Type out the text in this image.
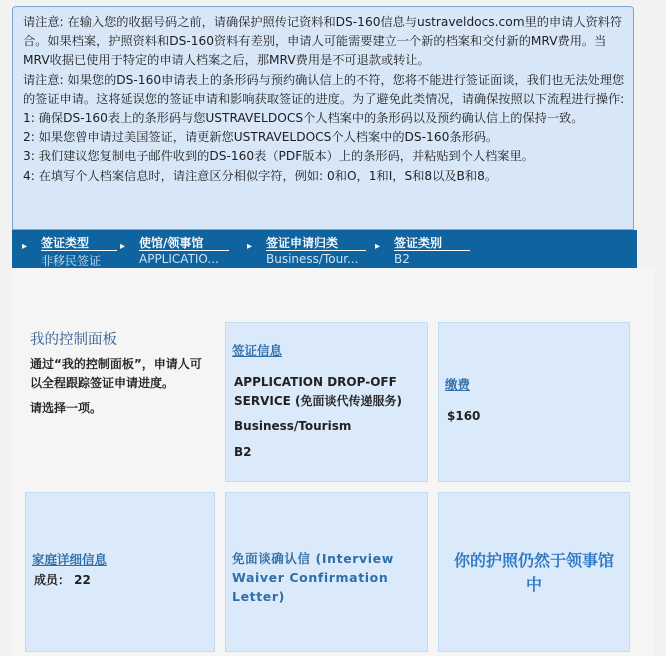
请注意: 在输入您的收据号码之前，请确保护照传记资料和DS-160信息与ustraveldocs.com里的申请人资料符合。如果档案，护照资料和DS-160资料有差别，申请人可能需要建立一个新的档案和交付新的MRV费用。当MRV收据已使用于特定的申请人档案之后，那MRV费用是不可退款或转让。

请注意: 如果您的DS-160申请表上的条形码与预约确认信上的不符，您将不能进行签证面谈，我们也无法处理您的签证申请。这将延误您的签证申请和影响获取签证的进度。为了避免此类情况，请确保按照以下流程进行操作:

1: 确保DS-160表上的条形码与您USTRAVELDOCS个人档案中的条形码以及预约确认信上的保持一致。

2: 如果您曾申请过美国签证，请更新您USTRAVELDOCS个人档案中的DS-160条形码。

3: 我们建议您复制电子邮件收到的DS-160表（PDF版本）上的条形码，并粘贴到个人档案里。

4: 在填写个人档案信息时，请注意区分相似字符，例如: 0和O，1和I，S和8以及B和8。

▸ 签证类型
非移民签证
▸ 使馆/领事馆
APPLICATIO...
▸ 签证申请归类
Business/Tour...
▸ 签证类别
B2

我的控制面板

通过“我的控制面板”，申请人可以全程跟踪签证申请进度。

请选择一项。

签证信息
APPLICATION DROP-OFF SERVICE (免面谈代传递服务)
Business/Tourism
B2
缴费
$160
家庭详细信息
成员： 22
免面谈确认信 (Interview Waiver Confirmation Letter)
你的护照仍然于领事馆中
